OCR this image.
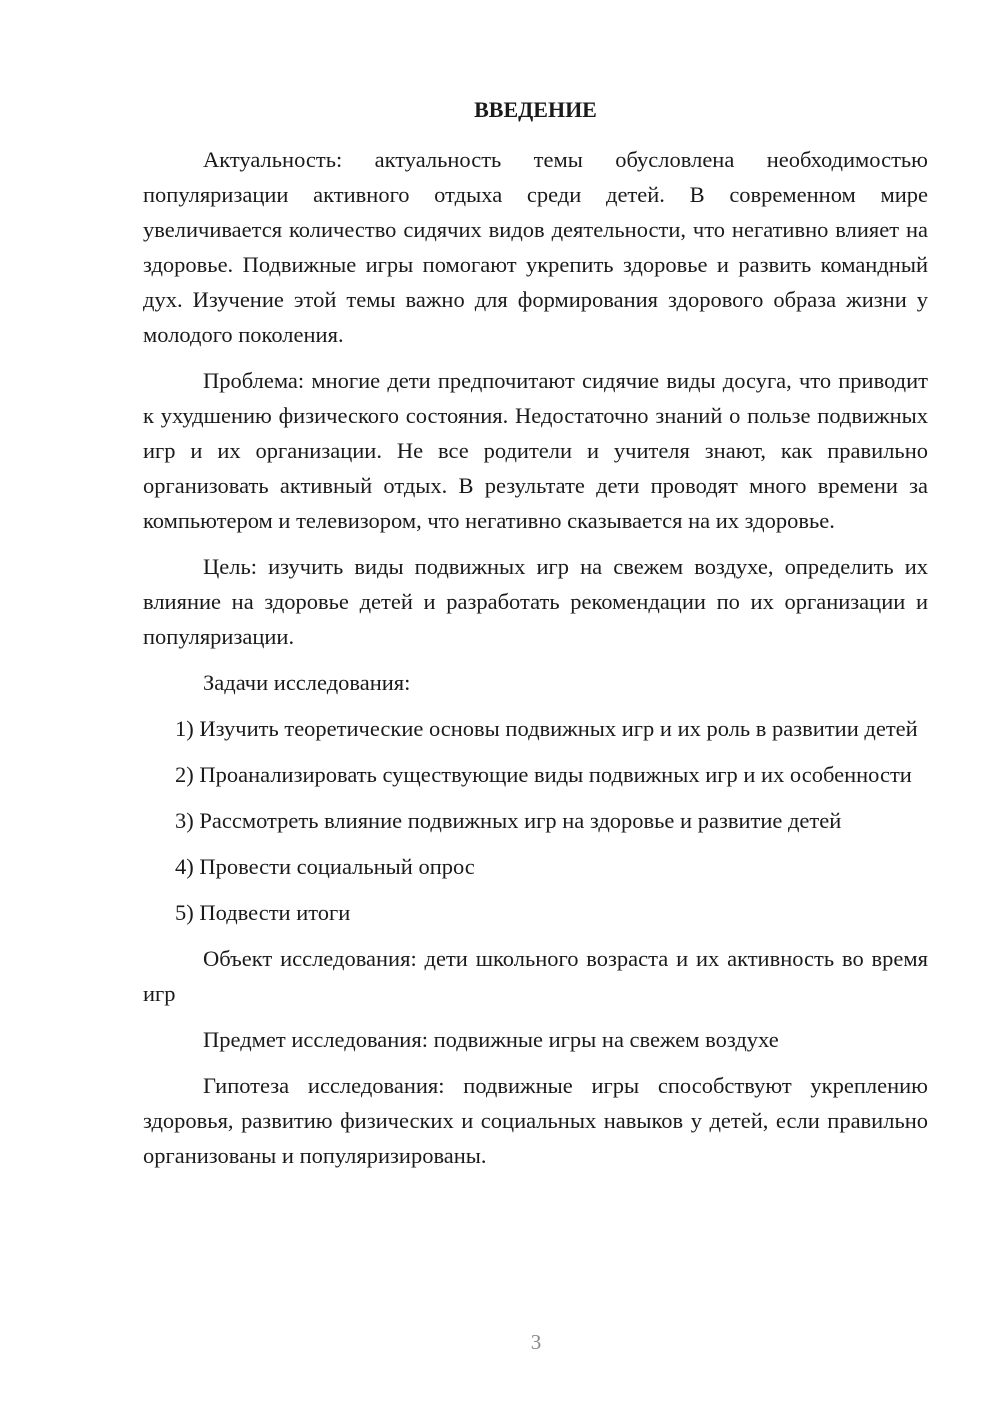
ВВЕДЕНИЕ

Актуальность: актуальность темы обусловлена необходимостью популяризации активного отдыха среди детей. В современном мире увеличивается количество сидячих видов деятельности, что негативно влияет на здоровье. Подвижные игры помогают укрепить здоровье и развить командный дух. Изучение этой темы важно для формирования здорового образа жизни у молодого поколения.

Проблема: многие дети предпочитают сидячие виды досуга, что приводит к ухудшению физического состояния. Недостаточно знаний о пользе подвижных игр и их организации. Не все родители и учителя знают, как правильно организовать активный отдых. В результате дети проводят много времени за компьютером и телевизором, что негативно сказывается на их здоровье.

Цель: изучить виды подвижных игр на свежем воздухе, определить их влияние на здоровье детей и разработать рекомендации по их организации и популяризации.

Задачи исследования:

1) Изучить теоретические основы подвижных игр и их роль в развитии детей

2) Проанализировать существующие виды подвижных игр и их особенности

3) Рассмотреть влияние подвижных игр на здоровье и развитие детей

4) Провести социальный опрос

5) Подвести итоги

Объект исследования: дети школьного возраста и их активность во время игр

Предмет исследования: подвижные игры на свежем воздухе

Гипотеза исследования: подвижные игры способствуют укреплению здоровья, развитию физических и социальных навыков у детей, если правильно организованы и популяризированы.

3
